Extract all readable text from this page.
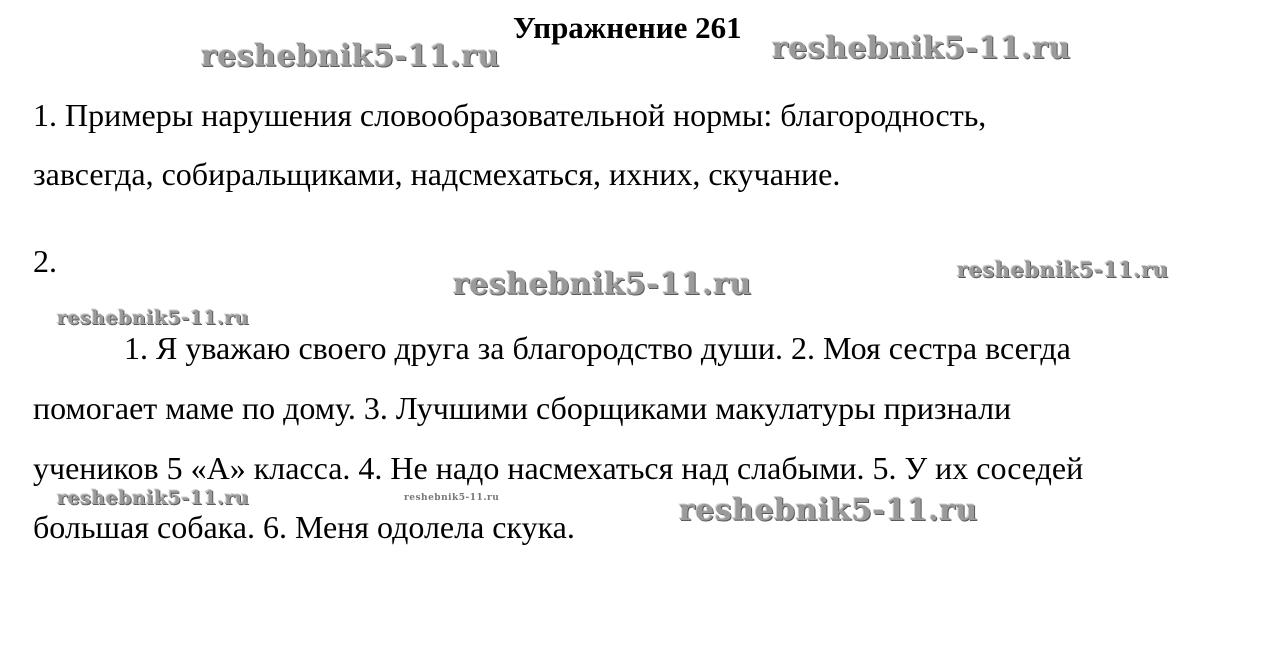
Упражнение 261
1. Примеры нарушения словообразовательной нормы: благородность,
завсегда, собиральщиками, надсмехаться, ихних, скучание.
2.
1. Я уважаю своего друга за благородство души. 2. Моя сестра всегда
помогает маме по дому. 3. Лучшими сборщиками макулатуры признали
учеников 5 «А» класса. 4. Не надо насмехаться над слабыми. 5. У их соседей
большая собака. 6. Меня одолела скука.
reshebnik5-11.ru	reshebnik5-11.ru
reshebnik5-11.ru	reshebnik5-11.ru
reshebnik5-11.ru
reshebnik5-11.ru	reshebnik5-11.ru	reshebnik5-11.ru
